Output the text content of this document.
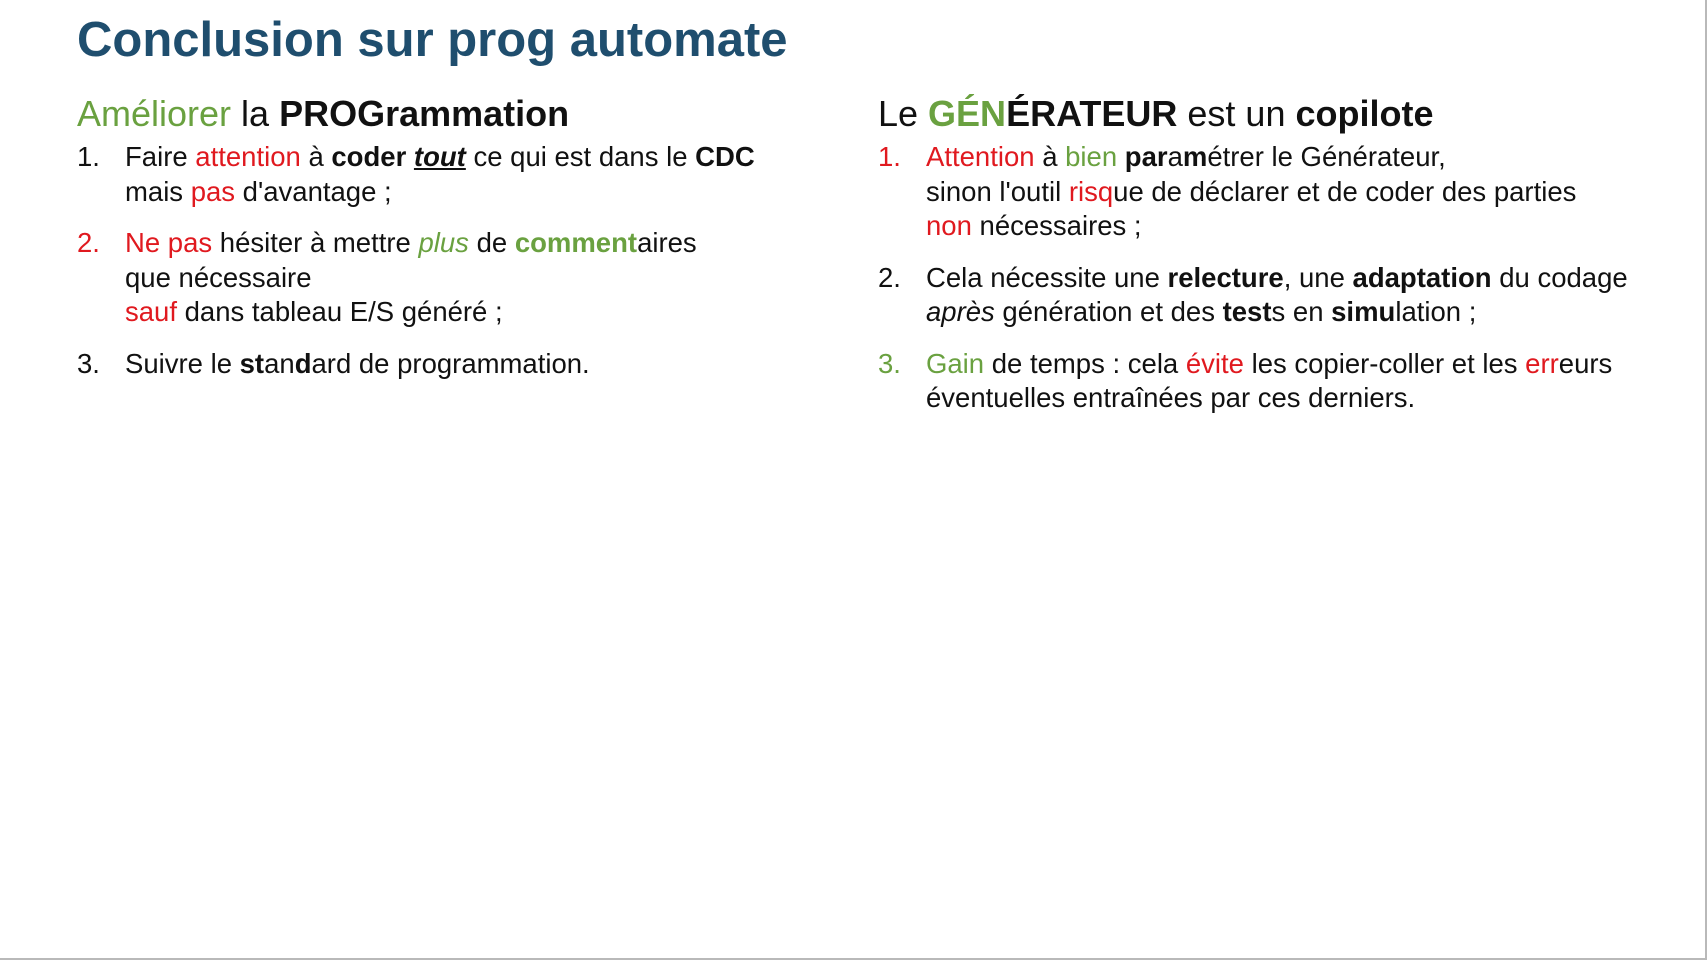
Conclusion sur prog automate
Améliorer la PROGrammation
1. Faire attention à coder tout ce qui est dans le CDC
mais pas d'avantage ;
2. Ne pas hésiter à mettre plus de commentaires
que nécessaire
sauf dans tableau E/S généré ;
3. Suivre le standard de programmation.
Le GÉNÉRATEUR est un copilote
1. Attention à bien paramétrer le Générateur,
sinon l'outil risque de déclarer et de coder des parties
non nécessaires ;
2. Cela nécessite une relecture, une adaptation du codage
après génération et des tests en simulation ;
3. Gain de temps : cela évite les copier-coller et les erreurs
éventuelles entraînées par ces derniers.
